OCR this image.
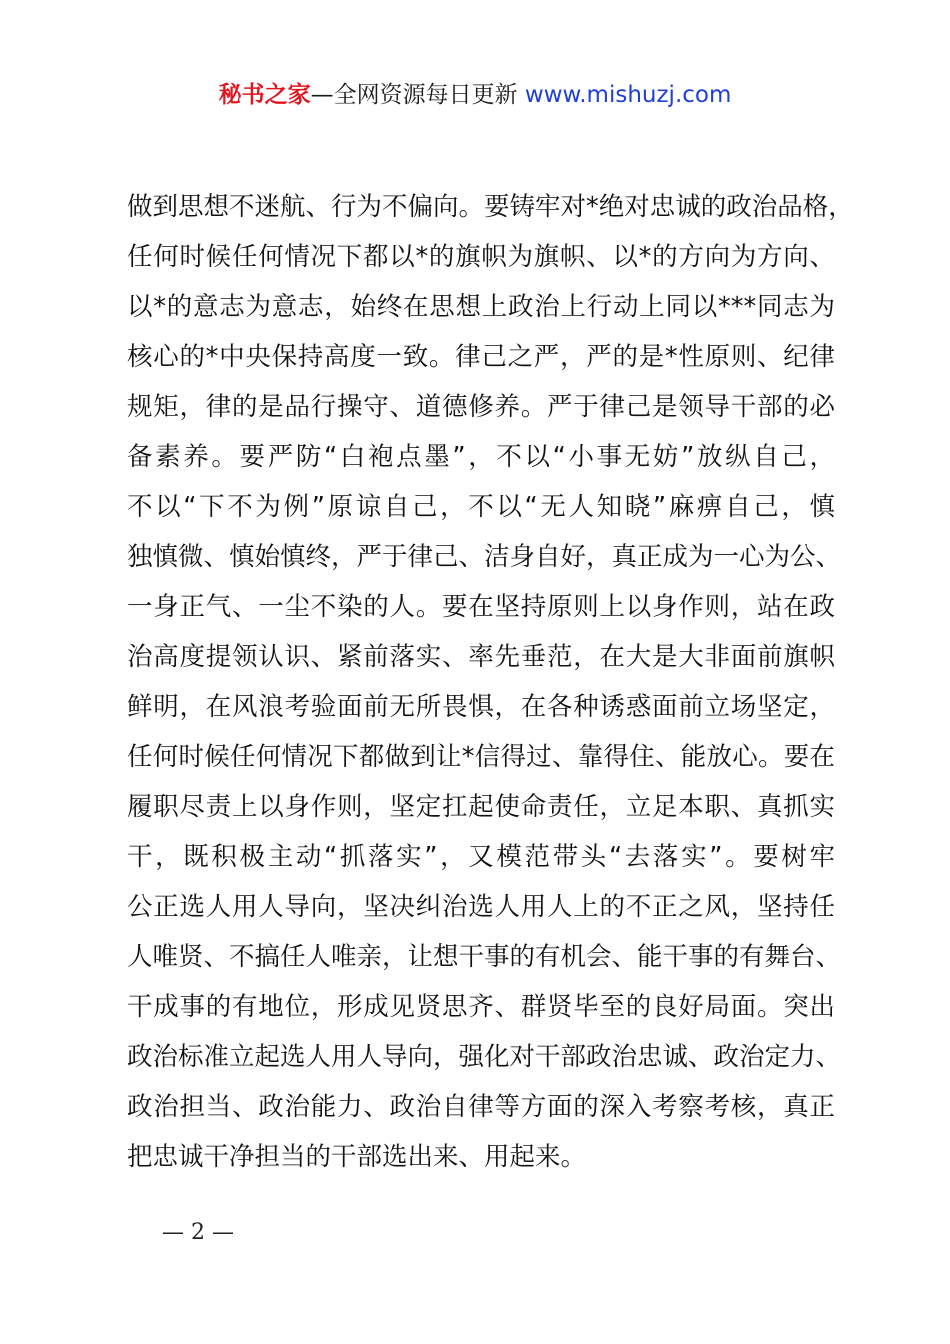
秘书之家—全网资源每日更新 www.mishuzj.com
做到思想不迷航、行为不偏向。要铸牢对*绝对忠诚的政治品格，
任何时候任何情况下都以*的旗帜为旗帜、以*的方向为方向、
以*的意志为意志，始终在思想上政治上行动上同以***同志为
核心的*中央保持高度一致。律己之严，严的是*性原则、纪律
规矩，律的是品行操守、道德修养。严于律己是领导干部的必
备素养。要严防“白袍点墨”，不以“小事无妨”放纵自己，
不以“下不为例”原谅自己，不以“无人知晓”麻痹自己，慎
独慎微、慎始慎终，严于律己、洁身自好，真正成为一心为公、
一身正气、一尘不染的人。要在坚持原则上以身作则，站在政
治高度提领认识、紧前落实、率先垂范，在大是大非面前旗帜
鲜明，在风浪考验面前无所畏惧，在各种诱惑面前立场坚定，
任何时候任何情况下都做到让*信得过、靠得住、能放心。要在
履职尽责上以身作则，坚定扛起使命责任，立足本职、真抓实
干，既积极主动“抓落实”，又模范带头“去落实”。要树牢
公正选人用人导向，坚决纠治选人用人上的不正之风，坚持任
人唯贤、不搞任人唯亲，让想干事的有机会、能干事的有舞台、
干成事的有地位，形成见贤思齐、群贤毕至的良好局面。突出
政治标准立起选人用人导向，强化对干部政治忠诚、政治定力、
政治担当、政治能力、政治自律等方面的深入考察考核，真正
把忠诚干净担当的干部选出来、用起来。
— 2 —
